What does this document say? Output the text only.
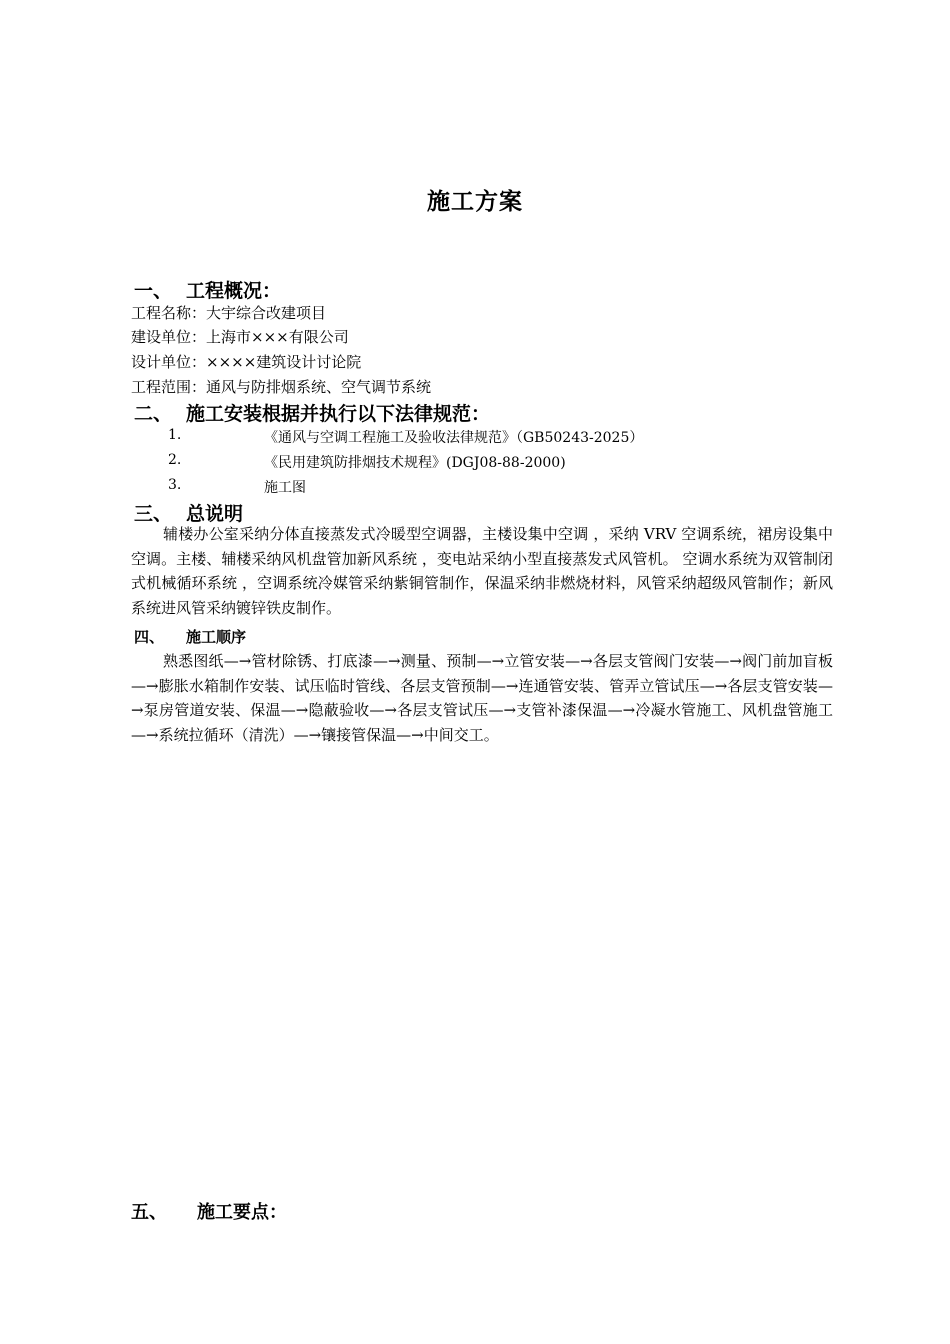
施工方案
一、 工程概况：
工程名称：大宇综合改建项目
建设单位：上海市×××有限公司
设计单位：××××建筑设计讨论院
工程范围：通风与防排烟系统、空气调节系统
二、 施工安装根据并执行以下法律规范：
1.	《通风与空调工程施工及验收法律规范》（GB50243-2025）
2.	《民用建筑防排烟技术规程》(DGJ08-88-2000)
3.	施工图
三、 总说明
辅楼办公室采纳分体直接蒸发式冷暖型空调器，主楼设集中空调 ，采纳 VRV 空调系统，裙房设集中空调。主楼、辅楼采纳风机盘管加新风系统 ，变电站采纳小型直接蒸发式风管机。 空调水系统为双管制闭式机械循环系统 ，空调系统冷媒管采纳紫铜管制作，保温采纳非燃烧材料，风管采纳超级风管制作；新风系统进风管采纳镀锌铁皮制作。
四、 施工顺序
熟悉图纸—→管材除锈、打底漆—→测量、预制—→立管安装—→各层支管阀门安装—→阀门前加盲板—→膨胀水箱制作安装、试压临时管线、各层支管预制—→连通管安装、管弄立管试压—→各层支管安装—→泵房管道安装、保温—→隐蔽验收—→各层支管试压—→支管补漆保温—→冷凝水管施工、风机盘管施工—→系统拉循环（清洗）—→镶接管保温—→中间交工。
五、 施工要点：
